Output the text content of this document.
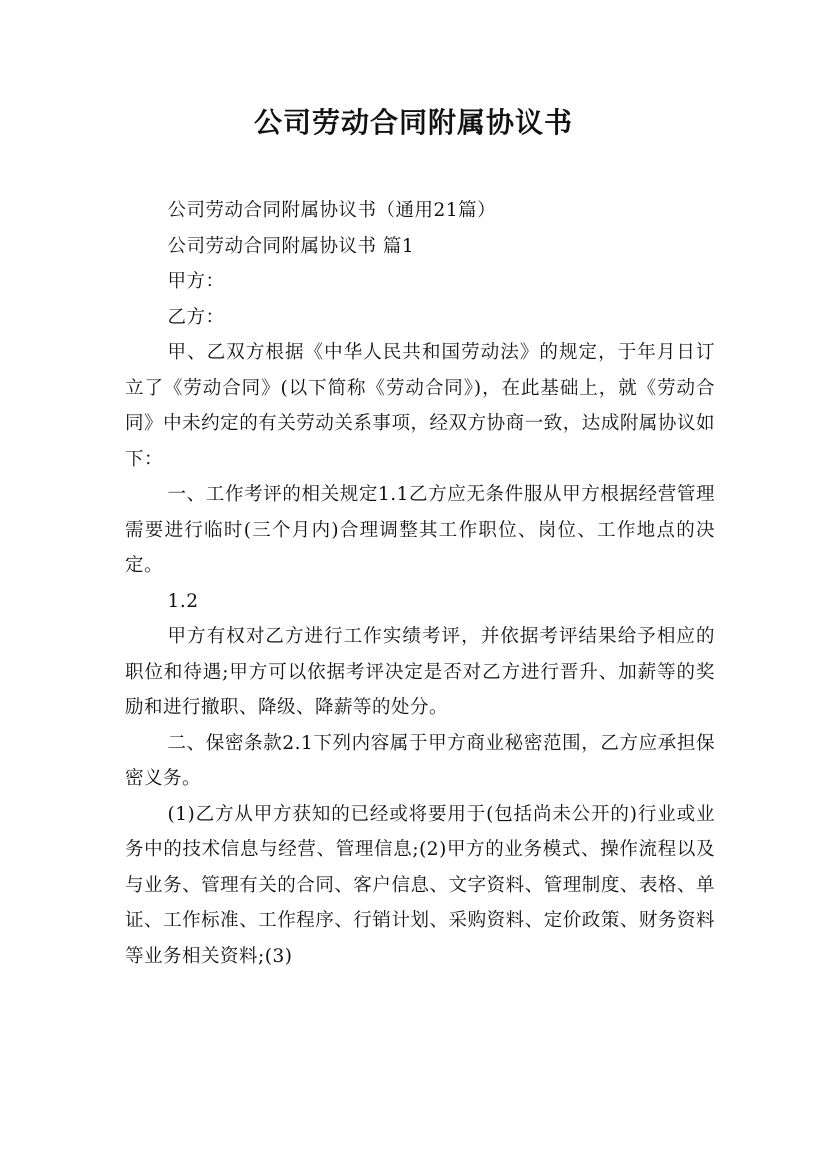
公司劳动合同附属协议书

公司劳动合同附属协议书（通用21篇）

公司劳动合同附属协议书 篇1

甲方：

乙方：

甲、乙双方根据《中华人民共和国劳动法》的规定，于年月日订立了《劳动合同》(以下简称《劳动合同》)，在此基础上，就《劳动合同》中未约定的有关劳动关系事项，经双方协商一致，达成附属协议如下：

一、工作考评的相关规定1.1乙方应无条件服从甲方根据经营管理需要进行临时(三个月内)合理调整其工作职位、岗位、工作地点的决定。

1.2

甲方有权对乙方进行工作实绩考评，并依据考评结果给予相应的职位和待遇;甲方可以依据考评决定是否对乙方进行晋升、加薪等的奖励和进行撤职、降级、降薪等的处分。

二、保密条款2.1下列内容属于甲方商业秘密范围，乙方应承担保密义务。

(1)乙方从甲方获知的已经或将要用于(包括尚未公开的)行业或业务中的技术信息与经营、管理信息;(2)甲方的业务模式、操作流程以及与业务、管理有关的合同、客户信息、文字资料、管理制度、表格、单证、工作标准、工作程序、行销计划、采购资料、定价政策、财务资料等业务相关资料;(3)
